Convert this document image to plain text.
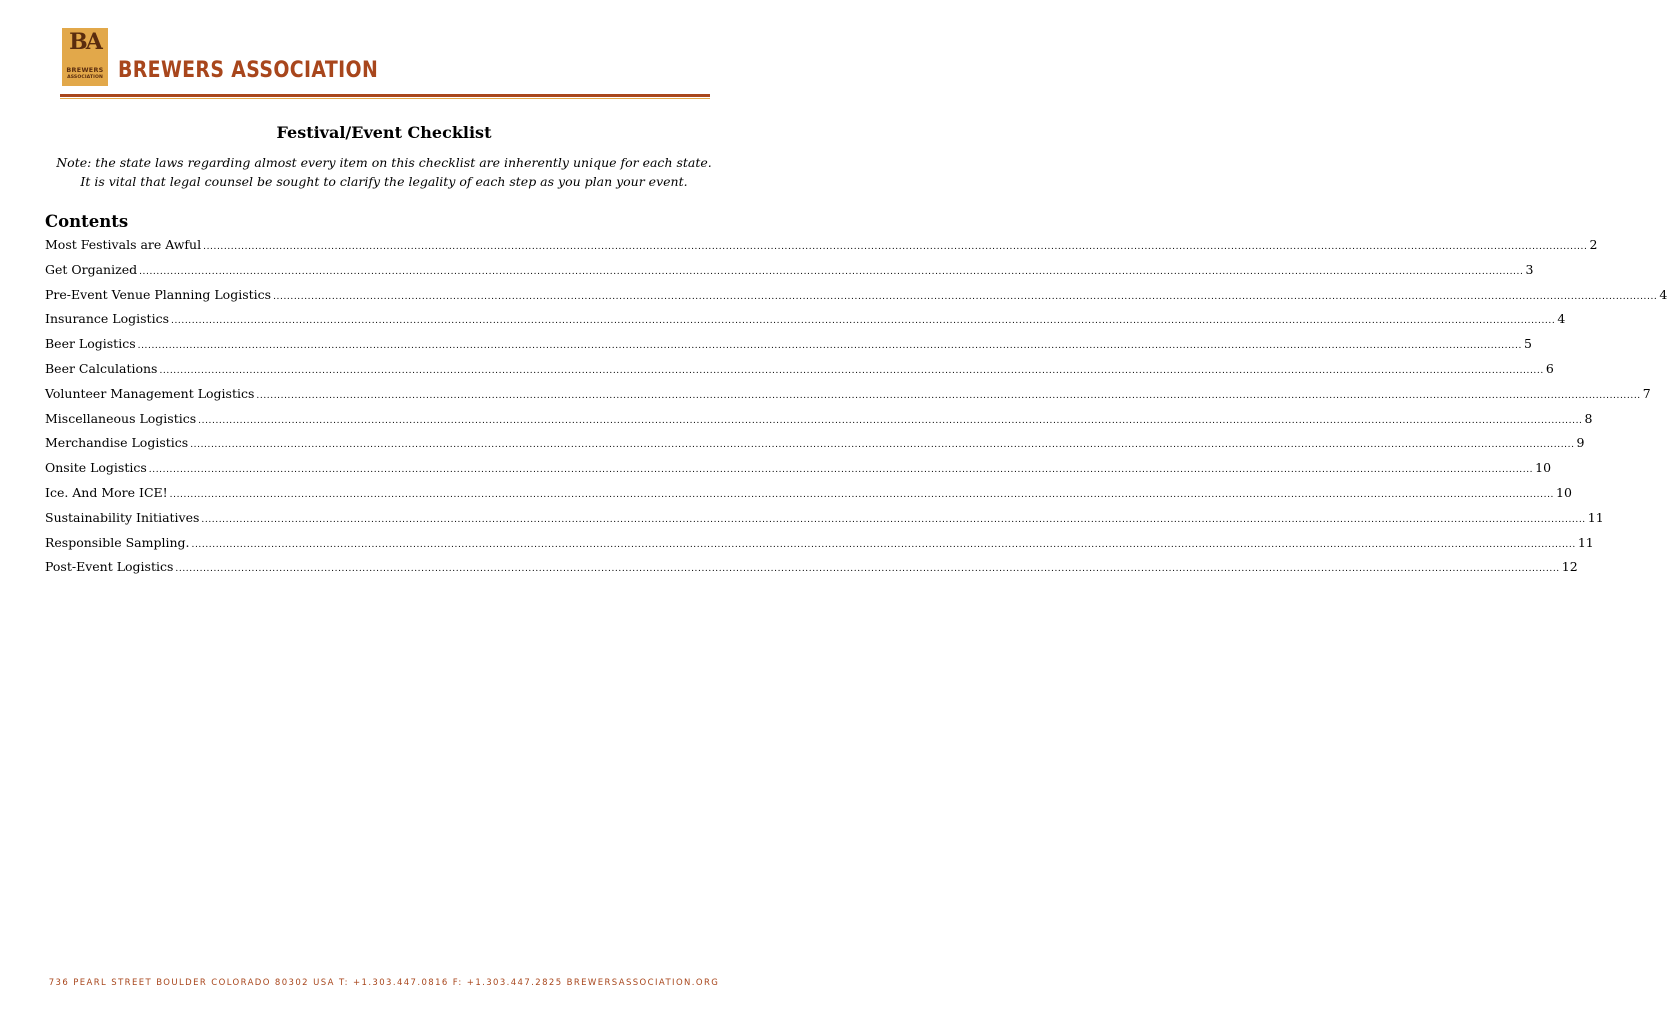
BA
BREWERS
ASSOCIATION BREWERS ASSOCIATION
Festival/Event Checklist
Note: the state laws regarding almost every item on this checklist are inherently unique for each state.
It is vital that legal counsel be sought to clarify the legality of each step as you plan your event.
Contents
Most Festivals are Awful ................................................................................................................................................................................................................................................................................................................................................................................................................ 2
Get Organized ................................................................................................................................................................................................................................................................................................................................................................................................................ 3
Pre-Event Venue Planning Logistics ................................................................................................................................................................................................................................................................................................................................................................................................................ 4
Insurance Logistics ................................................................................................................................................................................................................................................................................................................................................................................................................ 4
Beer Logistics ................................................................................................................................................................................................................................................................................................................................................................................................................ 5
Beer Calculations ................................................................................................................................................................................................................................................................................................................................................................................................................ 6
Volunteer Management Logistics ................................................................................................................................................................................................................................................................................................................................................................................................................ 7
Miscellaneous Logistics ................................................................................................................................................................................................................................................................................................................................................................................................................ 8
Merchandise Logistics ................................................................................................................................................................................................................................................................................................................................................................................................................ 9
Onsite Logistics ................................................................................................................................................................................................................................................................................................................................................................................................................ 10
Ice. And More ICE! ................................................................................................................................................................................................................................................................................................................................................................................................................ 10
Sustainability Initiatives ................................................................................................................................................................................................................................................................................................................................................................................................................ 11
Responsible Sampling. ................................................................................................................................................................................................................................................................................................................................................................................................................ 11
Post-Event Logistics ................................................................................................................................................................................................................................................................................................................................................................................................................ 12
736 PEARL STREET BOULDER COLORADO 80302 USA T: +1.303.447.0816 F: +1.303.447.2825 BREWERSASSOCIATION.ORG
